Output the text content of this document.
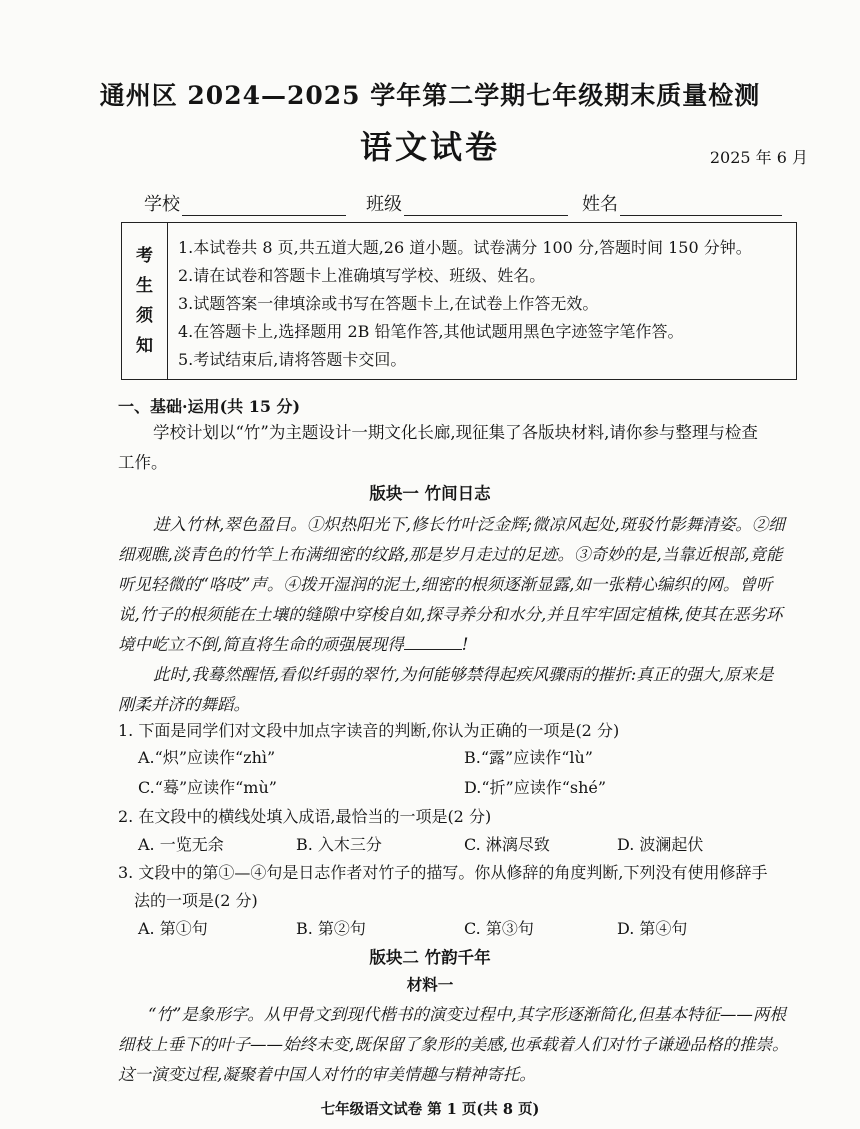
通州区 2024—2025 学年第二学期七年级期末质量检测
语文试卷	2025 年 6 月
学校	班级	姓名
考
生
须
知
1.本试卷共 8 页,共五道大题,26 道小题。试卷满分 100 分,答题时间 150 分钟。
2.请在试卷和答题卡上准确填写学校、班级、姓名。
3.试题答案一律填涂或书写在答题卡上,在试卷上作答无效。
4.在答题卡上,选择题用 2B 铅笔作答,其他试题用黑色字迹签字笔作答。
5.考试结束后,请将答题卡交回。
一、基础·运用(共 15 分)
学校计划以“竹”为主题设计一期文化长廊,现征集了各版块材料,请你参与整理与检查
工作。
版块一 竹间日志
进入竹林,翠色盈目。①炽热阳光下,修长竹叶泛金辉;微凉风起处,斑驳竹影舞清姿。②细
细观瞧,淡青色的竹竿上布满细密的纹路,那是岁月走过的足迹。③奇妙的是,当靠近根部,竟能
听见轻微的“咯吱”声。④拨开湿润的泥土,细密的根须逐渐显露,如一张精心编织的网。曾听
说,竹子的根须能在土壤的缝隙中穿梭自如,探寻养分和水分,并且牢牢固定植株,使其在恶劣环
境中屹立不倒,简直将生命的顽强展现得	!
此时,我蓦然醒悟,看似纤弱的翠竹,为何能够禁得起疾风骤雨的摧折:真正的强大,原来是
刚柔并济的舞蹈。
1. 下面是同学们对文段中加点字读音的判断,你认为正确的一项是(2 分)
A.“炽”应读作“zhì”	B.“露”应读作“lù”
C.“蓦”应读作“mù”	D.“折”应读作“shé”
2. 在文段中的横线处填入成语,最恰当的一项是(2 分)
A. 一览无余	B. 入木三分	C. 淋漓尽致	D. 波澜起伏
3. 文段中的第①—④句是日志作者对竹子的描写。你从修辞的角度判断,下列没有使用修辞手
法的一项是(2 分)
A. 第①句	B. 第②句	C. 第③句	D. 第④句
版块二 竹韵千年
材料一
“竹”是象形字。从甲骨文到现代楷书的演变过程中,其字形逐渐简化,但基本特征——两根
细枝上垂下的叶子——始终未变,既保留了象形的美感,也承载着人们对竹子谦逊品格的推崇。
这一演变过程,凝聚着中国人对竹的审美情趣与精神寄托。
七年级语文试卷 第 1 页(共 8 页)
